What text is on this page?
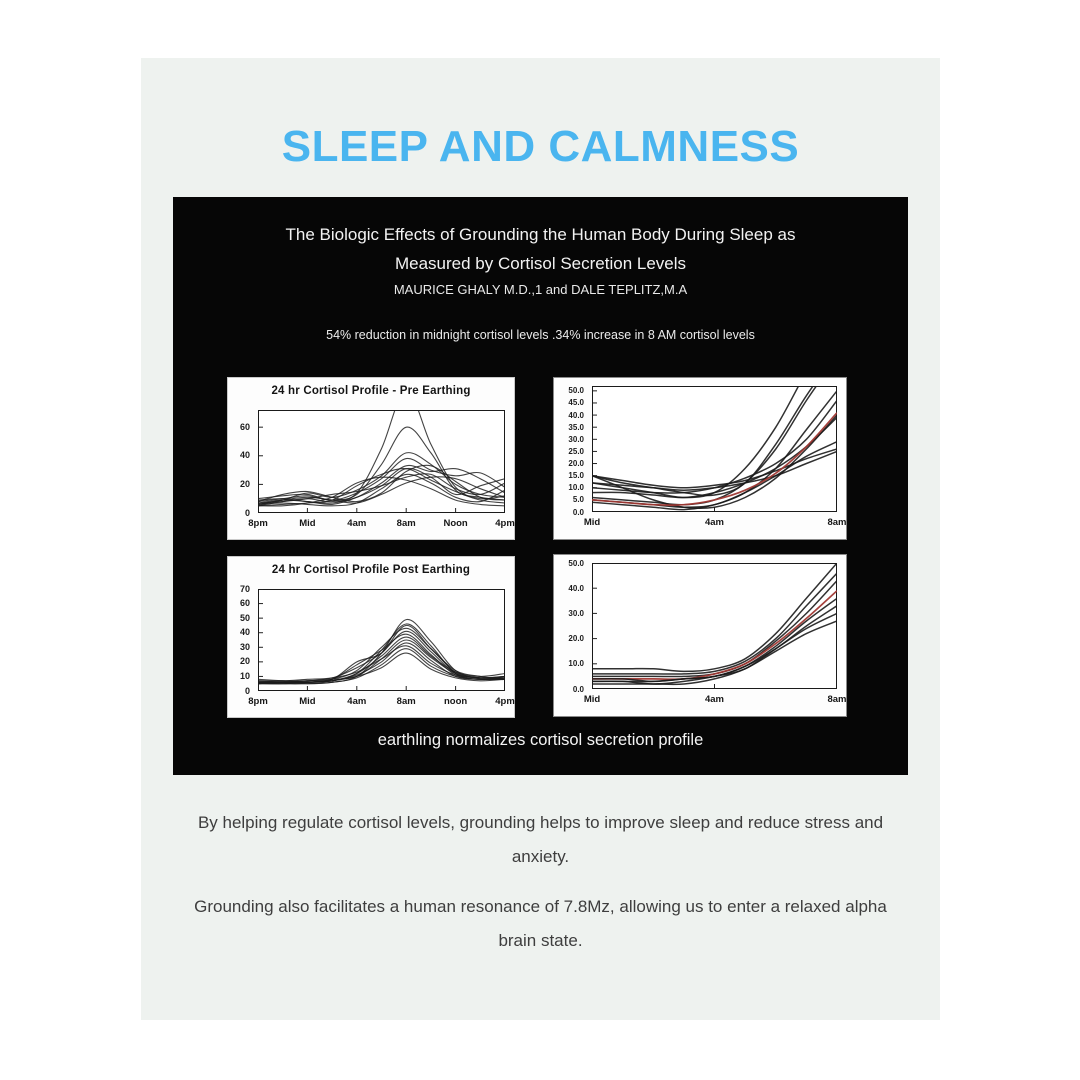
SLEEP AND CALMNESS
The Biologic Effects of Grounding the Human Body During Sleep as Measured by Cortisol Secretion Levels
MAURICE GHALY M.D.,1 and DALE TEPLITZ,M.A
54% reduction in midnight cortisol levels .34% increase in 8 AM cortisol levels
24 hr Cortisol Profile - Pre Earthing
0
20
40
60
8pm	Mid	4am	8am	Noon	4pm
0.0
5.0
10.0
15.0
20.0
25.0
30.0
35.0
40.0
45.0
50.0
Mid	4am	8am
24 hr Cortisol Profile Post Earthing
0
10
20
30
40
50
60
70
8pm	Mid	4am	8am	noon	4pm
0.0
10.0
20.0
30.0
40.0
50.0
Mid	4am	8am
earthling normalizes cortisol secretion profile

By helping regulate cortisol levels, grounding helps to improve sleep and reduce stress and anxiety.

Grounding also facilitates a human resonance of 7.8Mz, allowing us to enter a relaxed alpha brain state.
